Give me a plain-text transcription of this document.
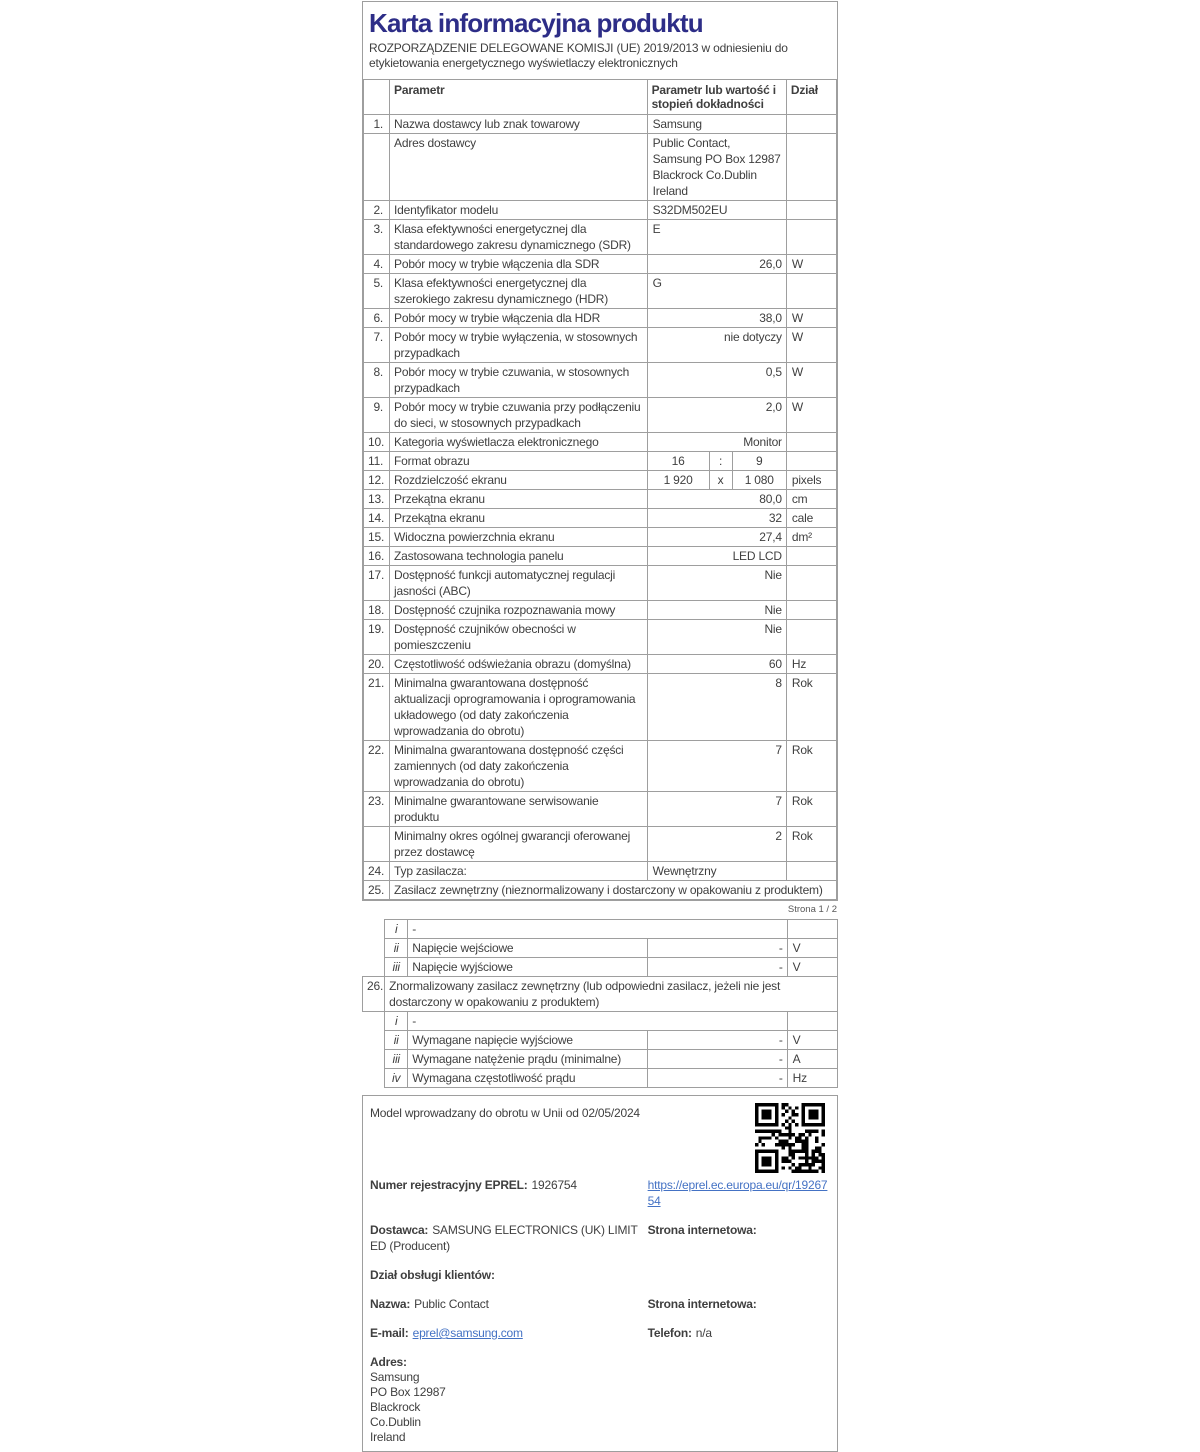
Karta informacyjna produktu

ROZPORZĄDZENIE DELEGOWANE KOMISJI (UE) 2019/2013 w odniesieniu do etykietowania energetycznego wyświetlaczy elektronicznych

	Parametr	Parametr lub wartość i stopień dokładności	Dział
1.	Nazwa dostawcy lub znak towarowy	Samsung	
	Adres dostawcy	Public Contact, Samsung PO Box 12987 Blackrock Co.Dublin Ireland	
2.	Identyfikator modelu	S32DM502EU	
3.	Klasa efektywności energetycznej dla standardowego zakresu dynamicznego (SDR)	E	
4.	Pobór mocy w trybie włączenia dla SDR	26,0	W
5.	Klasa efektywności energetycznej dla szerokiego zakresu dynamicznego (HDR)	G	
6.	Pobór mocy w trybie włączenia dla HDR	38,0	W
7.	Pobór mocy w trybie wyłączenia, w stosownych przypadkach	nie dotyczy	W
8.	Pobór mocy w trybie czuwania, w stosownych przypadkach	0,5	W
9.	Pobór mocy w trybie czuwania przy podłączeniu do sieci, w stosownych przypadkach	2,0	W
10.	Kategoria wyświetlacza elektronicznego	Monitor	
11.	Format obrazu	16 : 9	

12.	Rozdzielczość ekranu	1 920 x 1 080	pixels
13.	Przekątna ekranu	80,0	cm
14.	Przekątna ekranu	32	cale
15.	Widoczna powierzchnia ekranu	27,4	dm²
16.	Zastosowana technologia panelu	LED LCD	
17.	Dostępność funkcji automatycznej regulacji jasności (ABC)	Nie	
18.	Dostępność czujnika rozpoznawania mowy	Nie	
19.	Dostępność czujników obecności w pomieszczeniu	Nie	
20.	Częstotliwość odświeżania obrazu (domyślna)	60	Hz
21.	Minimalna gwarantowana dostępność aktualizacji oprogramowania i oprogramowania układowego (od daty zakończenia wprowadzania do obrotu)	8	Rok
22.	Minimalna gwarantowana dostępność części zamiennych (od daty zakończenia wprowadzania do obrotu)	7	Rok
23.	Minimalne gwarantowane serwisowanie produktu	7	Rok
	Minimalny okres ogólnej gwarancji oferowanej przez dostawcę	2	Rok
24.	Typ zasilacza:	Wewnętrzny	
25.	Zasilacz zewnętrzny (nieznormalizowany i dostarczony w opakowaniu z produktem)		
Strona 1 / 2
	i	-		
	ii	Napięcie wejściowe	-	V
	iii	Napięcie wyjściowe	-	V
26.	Znormalizowany zasilacz zewnętrzny (lub odpowiedni zasilacz, jeżeli nie jest dostarczony w opakowaniu z produktem)			
	i	-		
	ii	Wymagane napięcie wyjściowe	-	V
	iii	Wymagane natężenie prądu (minimalne)	-	A
	iv	Wymagana częstotliwość prądu	-	Hz
Model wprowadzany do obrotu w Unii od 02/05/2024
Numer rejestracyjny EPREL: 1926754	https://eprel.ec.europa.eu/qr/1926754
Dostawca: SAMSUNG ELECTRONICS (UK) LIMITED (Producent)
Strona internetowa:
Dział obsługi klientów:
Nazwa: Public Contact	Strona internetowa:
E-mail: eprel@samsung.com	Telefon: n/a
Adres:
Samsung
PO Box 12987
Blackrock
Co.Dublin
Ireland
